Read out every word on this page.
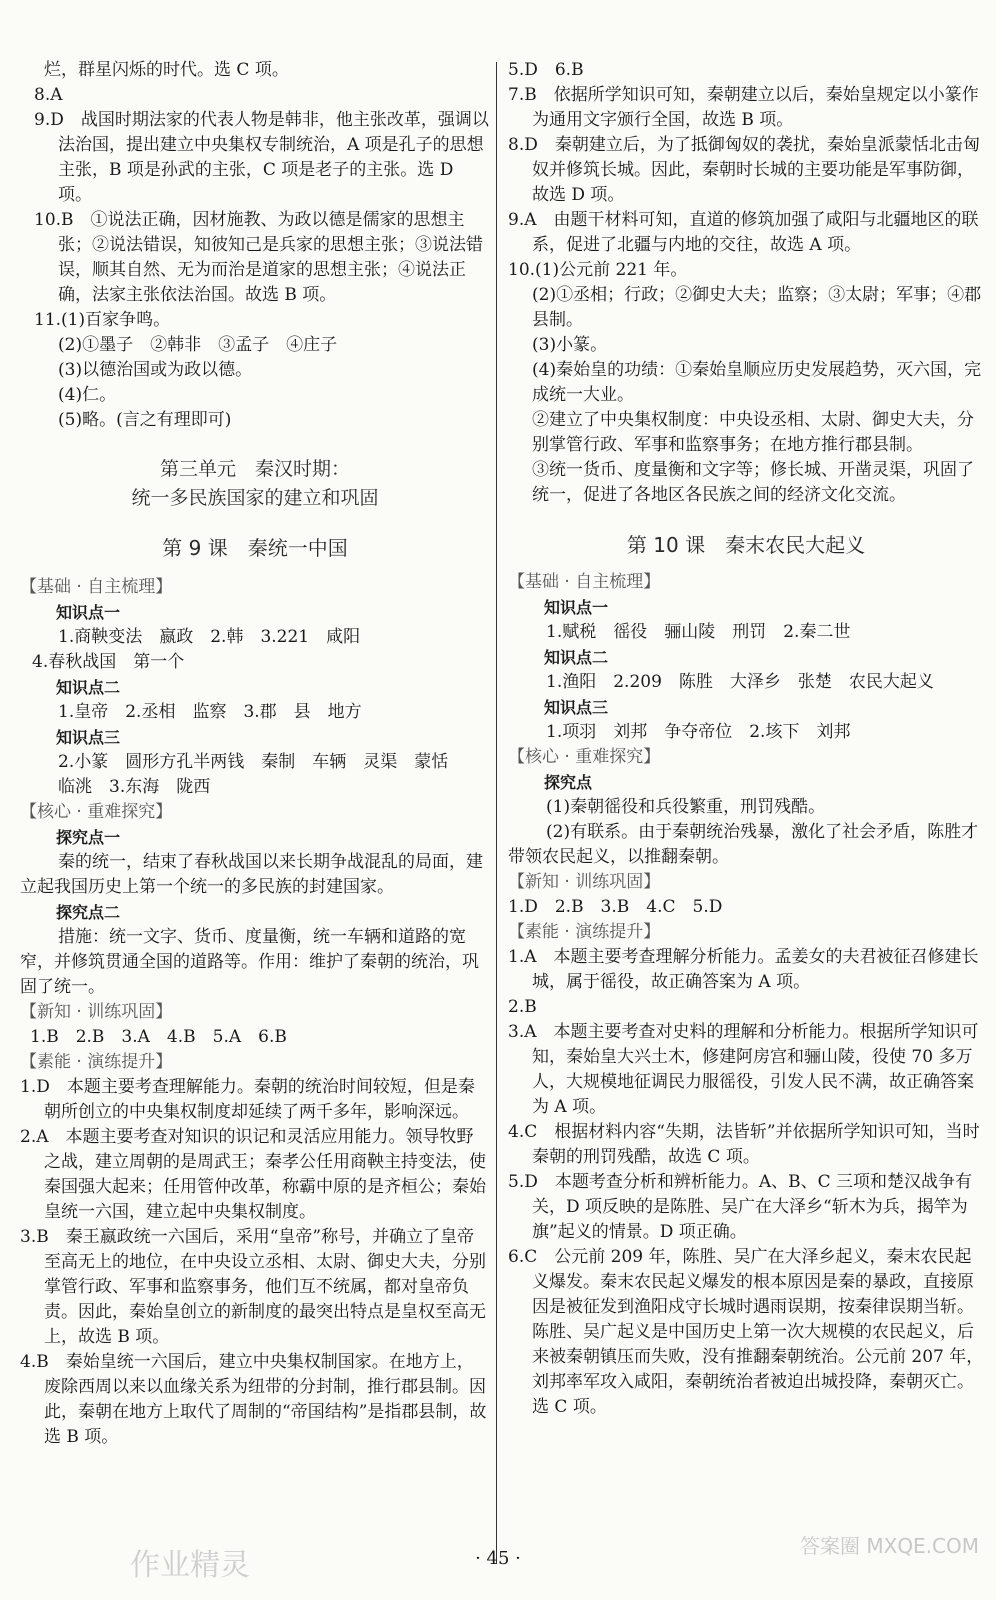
烂，群星闪烁的时代。选 C 项。

8.A

9.D　战国时期法家的代表人物是韩非，他主张改革，强调以法治国，提出建立中央集权专制统治，A 项是孔子的思想主张，B 项是孙武的主张，C 项是老子的主张。选 D 项。

10.B　①说法正确，因材施教、为政以德是儒家的思想主张；②说法错误，知彼知己是兵家的思想主张；③说法错误，顺其自然、无为而治是道家的思想主张；④说法正确，法家主张依法治国。故选 B 项。

11.(1)百家争鸣。

(2)①墨子　②韩非　③孟子　④庄子

(3)以德治国或为政以德。

(4)仁。

(5)略。(言之有理即可)

第三单元　秦汉时期：
统一多民族国家的建立和巩固
第 9 课　秦统一中国
【基础 · 自主梳理】
知识点一

1.商鞅变法　嬴政　2.韩　3.221　咸阳

4.春秋战国　第一个

知识点二

1.皇帝　2.丞相　监察　3.郡　县　地方

知识点三

2.小篆　圆形方孔半两钱　秦制　车辆　灵渠　蒙恬

临洮　3.东海　陇西

【核心 · 重难探究】
探究点一

秦的统一，结束了春秋战国以来长期争战混乱的局面，建立起我国历史上第一个统一的多民族的封建国家。

探究点二

措施：统一文字、货币、度量衡，统一车辆和道路的宽窄，并修筑贯通全国的道路等。作用：维护了秦朝的统治，巩固了统一。

【新知 · 训练巩固】

1.B　2.B　3.A　4.B　5.A　6.B

【素能 · 演练提升】

1.D　本题主要考查理解能力。秦朝的统治时间较短，但是秦朝所创立的中央集权制度却延续了两千多年，影响深远。

2.A　本题主要考查对知识的识记和灵活应用能力。领导牧野之战，建立周朝的是周武王；秦孝公任用商鞅主持变法，使秦国强大起来；任用管仲改革，称霸中原的是齐桓公；秦始皇统一六国，建立起中央集权制度。

3.B　秦王嬴政统一六国后，采用“皇帝”称号，并确立了皇帝至高无上的地位，在中央设立丞相、太尉、御史大夫，分别掌管行政、军事和监察事务，他们互不统属，都对皇帝负责。因此，秦始皇创立的新制度的最突出特点是皇权至高无上，故选 B 项。

4.B　秦始皇统一六国后，建立中央集权制国家。在地方上，废除西周以来以血缘关系为纽带的分封制，推行郡县制。因此，秦朝在地方上取代了周制的“帝国结构”是指郡县制，故选 B 项。

5.D　6.B

7.B　依据所学知识可知，秦朝建立以后，秦始皇规定以小篆作为通用文字颁行全国，故选 B 项。

8.D　秦朝建立后，为了抵御匈奴的袭扰，秦始皇派蒙恬北击匈奴并修筑长城。因此，秦朝时长城的主要功能是军事防御，故选 D 项。

9.A　由题干材料可知，直道的修筑加强了咸阳与北疆地区的联系，促进了北疆与内地的交往，故选 A 项。

10.(1)公元前 221 年。

(2)①丞相；行政；②御史大夫；监察；③太尉；军事；④郡县制。

(3)小篆。

(4)秦始皇的功绩：①秦始皇顺应历史发展趋势，灭六国，完成统一大业。

②建立了中央集权制度：中央设丞相、太尉、御史大夫，分别掌管行政、军事和监察事务；在地方推行郡县制。

③统一货币、度量衡和文字等；修长城、开凿灵渠，巩固了统一，促进了各地区各民族之间的经济文化交流。

第 10 课　秦末农民大起义
【基础 · 自主梳理】
知识点一

1.赋税　徭役　骊山陵　刑罚　2.秦二世

知识点二

1.渔阳　2.209　陈胜　大泽乡　张楚　农民大起义

知识点三

1.项羽　刘邦　争夺帝位　2.垓下　刘邦

【核心 · 重难探究】
探究点

(1)秦朝徭役和兵役繁重，刑罚残酷。

(2)有联系。由于秦朝统治残暴，激化了社会矛盾，陈胜才带领农民起义，以推翻秦朝。

【新知 · 训练巩固】

1.D　2.B　3.B　4.C　5.D

【素能 · 演练提升】

1.A　本题主要考查理解分析能力。孟姜女的夫君被征召修建长城，属于徭役，故正确答案为 A 项。

2.B

3.A　本题主要考查对史料的理解和分析能力。根据所学知识可知，秦始皇大兴土木，修建阿房宫和骊山陵，役使 70 多万人，大规模地征调民力服徭役，引发人民不满，故正确答案为 A 项。

4.C　根据材料内容“失期，法皆斩”并依据所学知识可知，当时秦朝的刑罚残酷，故选 C 项。

5.D　本题考查分析和辨析能力。A、B、C 三项和楚汉战争有关，D 项反映的是陈胜、吴广在大泽乡“斩木为兵，揭竿为旗”起义的情景。D 项正确。

6.C　公元前 209 年，陈胜、吴广在大泽乡起义，秦末农民起义爆发。秦末农民起义爆发的根本原因是秦的暴政，直接原因是被征发到渔阳戍守长城时遇雨误期，按秦律误期当斩。陈胜、吴广起义是中国历史上第一次大规模的农民起义，后来被秦朝镇压而失败，没有推翻秦朝统治。公元前 207 年，刘邦率军攻入咸阳，秦朝统治者被迫出城投降，秦朝灭亡。选 C 项。

· 45 ·
作业精灵
答案圈 MXQE.COM
